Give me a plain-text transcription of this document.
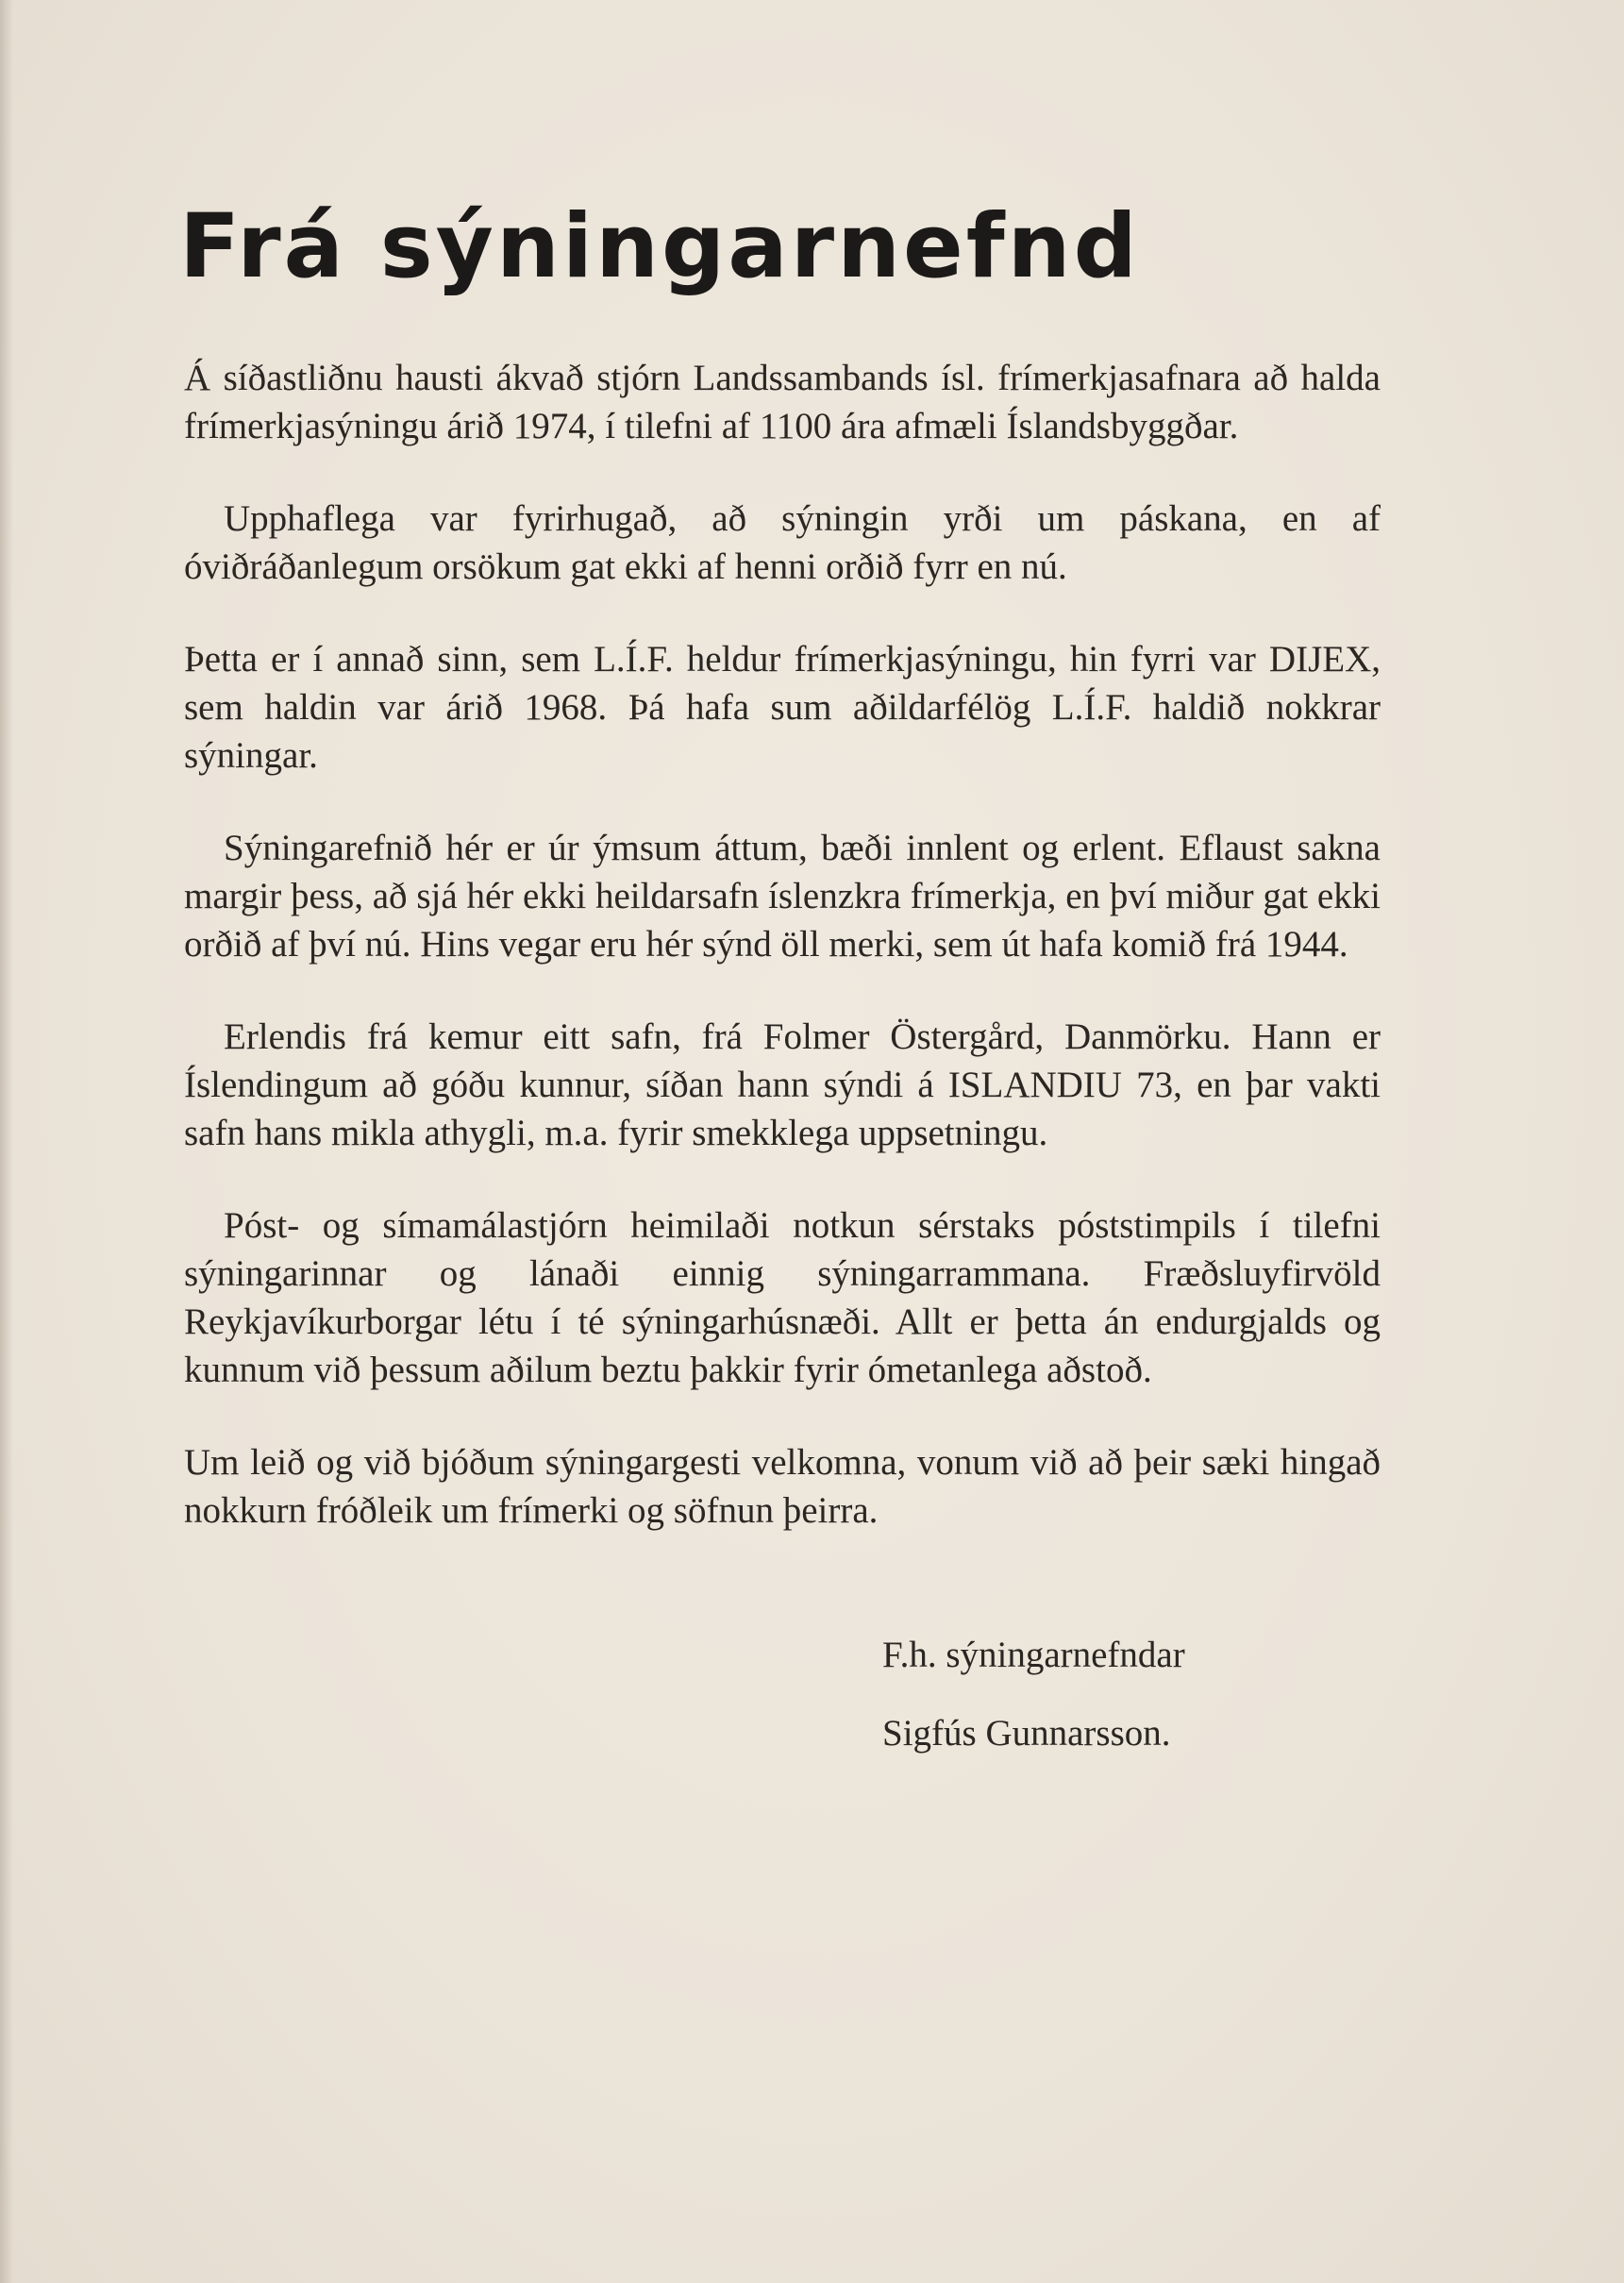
Frá sýningarnefnd

Á síðastliðnu hausti ákvað stjórn Landssambands ísl. frímerkjasafnara að halda frímerkjasýningu árið 1974, í tilefni af 1100 ára afmæli Íslandsbyggðar.

Upphaflega var fyrirhugað, að sýningin yrði um páskana, en af óviðráðanlegum orsökum gat ekki af henni orðið fyrr en nú.

Þetta er í annað sinn, sem L.Í.F. heldur frímerkjasýningu, hin fyrri var DIJEX, sem haldin var árið 1968. Þá hafa sum aðildarfélög L.Í.F. haldið nokkrar sýningar.

Sýningarefnið hér er úr ýmsum áttum, bæði innlent og erlent. Eflaust sakna margir þess, að sjá hér ekki heildarsafn íslenzkra frímerkja, en því miður gat ekki orðið af því nú. Hins vegar eru hér sýnd öll merki, sem út hafa komið frá 1944.

Erlendis frá kemur eitt safn, frá Folmer Östergård, Danmörku. Hann er Íslendingum að góðu kunnur, síðan hann sýndi á ISLANDIU 73, en þar vakti safn hans mikla athygli, m.a. fyrir smekklega uppsetningu.

Póst- og símamálastjórn heimilaði notkun sérstaks póststimpils í tilefni sýningarinnar og lánaði einnig sýningarrammana. Fræðsluyfirvöld Reykjavíkurborgar létu í té sýningarhúsnæði. Allt er þetta án endurgjalds og kunnum við þessum aðilum beztu þakkir fyrir ómetanlega aðstoð.

Um leið og við bjóðum sýningargesti velkomna, vonum við að þeir sæki hingað nokkurn fróðleik um frímerki og söfnun þeirra.

F.h. sýningarnefndar
Sigfús Gunnarsson.
